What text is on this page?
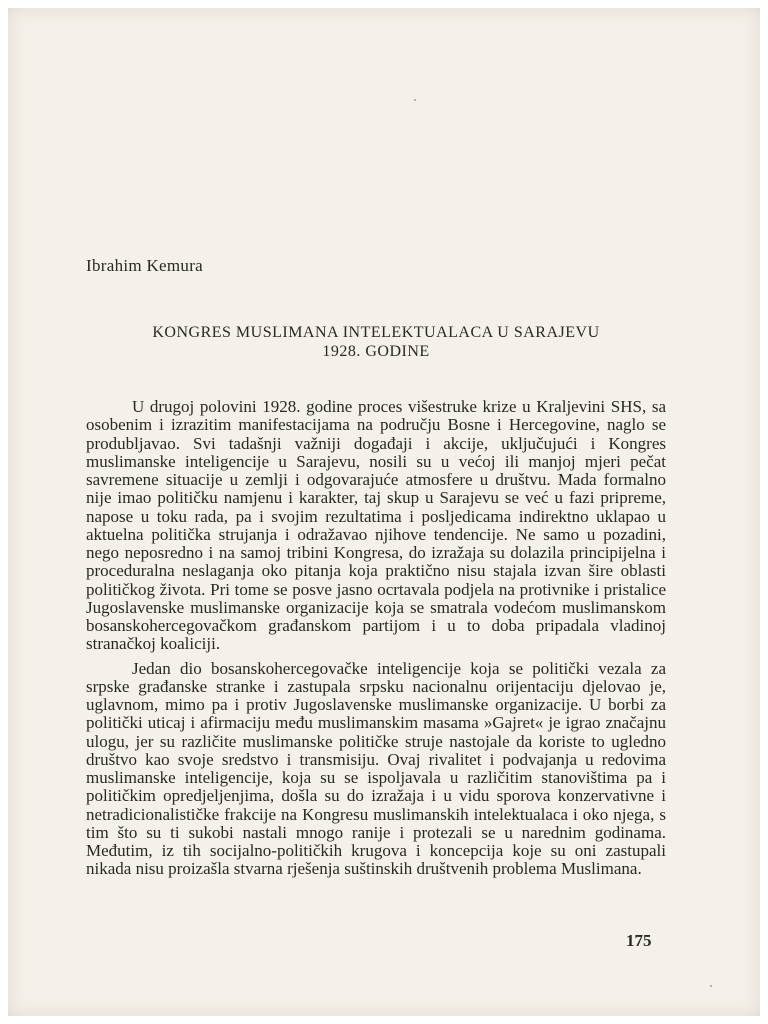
Ibrahim Kemura
KONGRES MUSLIMANA INTELEKTUALACA U SARAJEVU
1928. GODINE

U drugoj polovini 1928. godine proces višestruke krize u Kraljevini SHS, sa osobenim i izrazitim manifestacijama na području Bosne i Hercegovine, naglo se produbljavao. Svi tadašnji važniji događaji i akcije, uključujući i Kongres muslimanske inteligencije u Sarajevu, nosili su u većoj ili manjoj mjeri pečat savremene situacije u zemlji i odgovarajuće atmosfere u društvu. Mada formalno nije imao političku namjenu i karakter, taj skup u Sarajevu se već u fazi pripreme, napose u toku rada, pa i svojim rezultatima i posljedicama indirektno uklapao u aktuelna politička strujanja i odražavao njihove tendencije. Ne samo u pozadini, nego neposredno i na samoj tribini Kongresa, do izražaja su dolazila principijelna i proceduralna neslaganja oko pitanja koja praktično nisu stajala izvan šire oblasti političkog života. Pri tome se posve jasno ocrtavala podjela na protivnike i pristalice Jugoslavenske muslimanske organizacije koja se smatrala vodećom muslimanskom bosanskohercegovačkom građanskom partijom i u to doba pripadala vladinoj stranačkoj koaliciji.

Jedan dio bosanskohercegovačke inteligencije koja se politički vezala za srpske građanske stranke i zastupala srpsku nacionalnu orijentaciju djelovao je, uglavnom, mimo pa i protiv Jugoslavenske muslimanske organizacije. U borbi za politički uticaj i afirmaciju među muslimanskim masama »Gajret« je igrao značajnu ulogu, jer su različite muslimanske političke struje nastojale da koriste to ugledno društvo kao svoje sredstvo i transmisiju. Ovaj rivalitet i podvajanja u redovima muslimanske inteligencije, koja su se ispoljavala u različitim stanovištima pa i političkim opredjeljenjima, došla su do izražaja i u vidu sporova konzervativne i netradicionalističke frakcije na Kongresu muslimanskih intelektualaca i oko njega, s tim što su ti sukobi nastali mnogo ranije i protezali se u narednim godinama. Međutim, iz tih socijalno-političkih krugova i koncepcija koje su oni zastupali nikada nisu proizašla stvarna rješenja suštinskih društvenih problema Muslimana.

175
